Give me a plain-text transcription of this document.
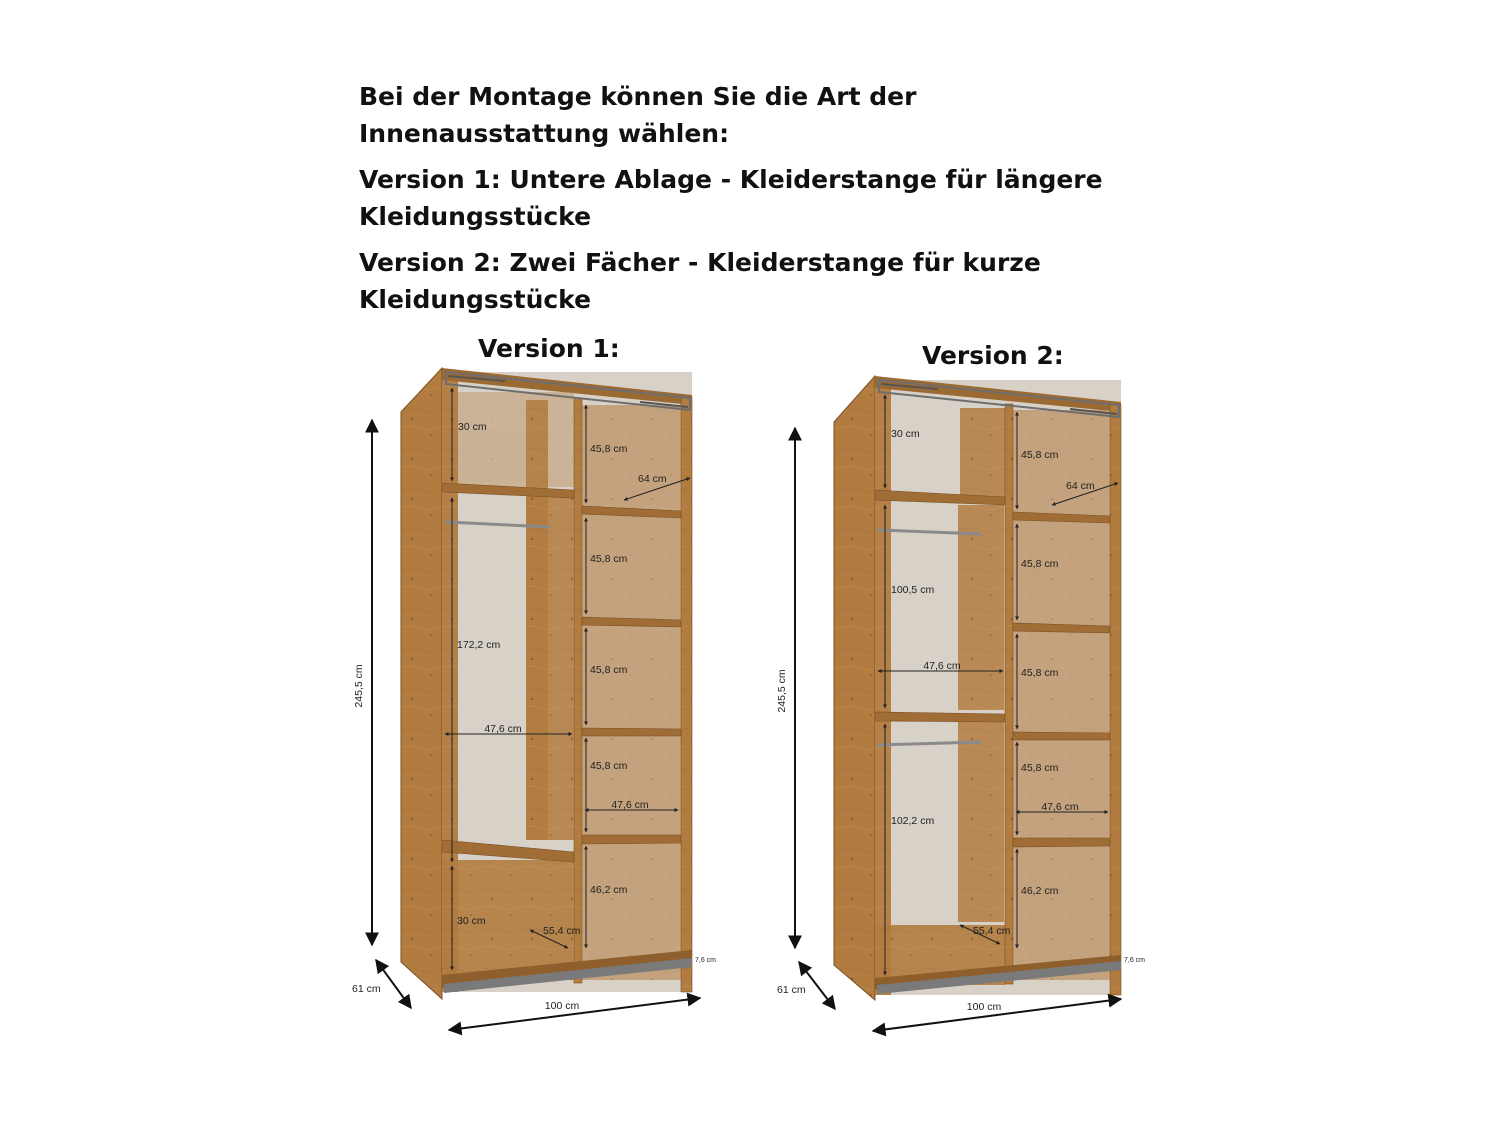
Bei der Montage können Sie die Art der Innenausstattung wählen:

Version 1: Untere Ablage - Kleiderstange für längere Kleidungsstücke

Version 2: Zwei Fächer - Kleiderstange für kurze Kleidungsstücke

Version 1:	Version 2:
245,5 cm
61 cm
100 cm
7,6 cm
30 cm
172,2 cm
30 cm
47,6 cm
47,6 cm
64 cm
55,4 cm
45,8 cm
45,8 cm
45,8 cm
45,8 cm
46,2 cm
245,5 cm
61 cm
100 cm
7,6 cm
30 cm
100,5 cm
47,6 cm
102,2 cm
47,6 cm
64 cm
55,4 cm
45,8 cm
45,8 cm
45,8 cm
45,8 cm
46,2 cm
